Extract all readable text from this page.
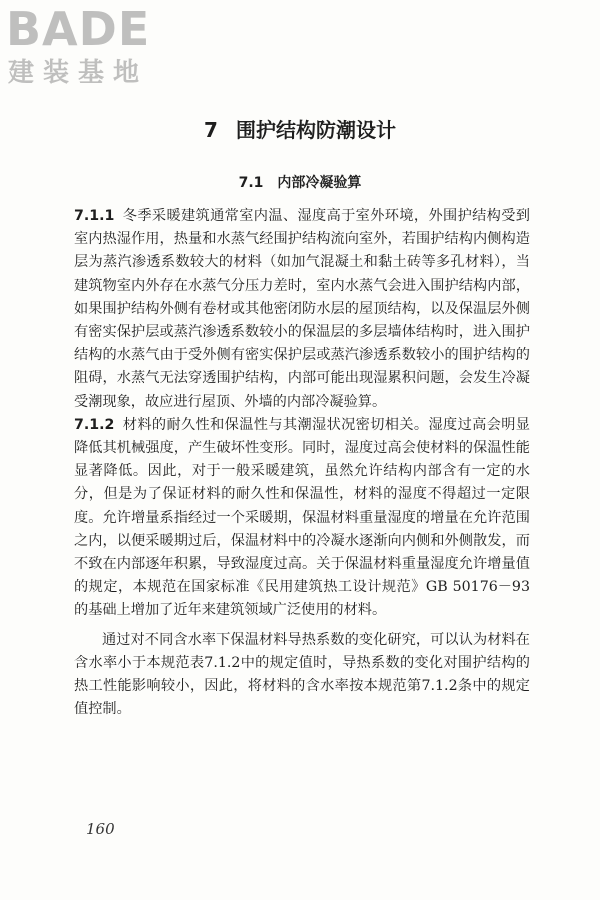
BADE
建装基地
7 围护结构防潮设计
7.1 内部冷凝验算

7.1.1 冬季采暖建筑通常室内温、湿度高于室外环境，外围护结构受到室内热湿作用，热量和水蒸气经围护结构流向室外，若围护结构内侧构造层为蒸汽渗透系数较大的材料（如加气混凝土和黏土砖等多孔材料），当建筑物室内外存在水蒸气分压力差时，室内水蒸气会进入围护结构内部，如果围护结构外侧有卷材或其他密闭防水层的屋顶结构，以及保温层外侧有密实保护层或蒸汽渗透系数较小的保温层的多层墙体结构时，进入围护结构的水蒸气由于受外侧有密实保护层或蒸汽渗透系数较小的围护结构的阻碍，水蒸气无法穿透围护结构，内部可能出现湿累积问题，会发生冷凝受潮现象，故应进行屋顶、外墙的内部冷凝验算。

7.1.2 材料的耐久性和保温性与其潮湿状况密切相关。湿度过高会明显降低其机械强度，产生破坏性变形。同时，湿度过高会使材料的保温性能显著降低。因此，对于一般采暖建筑，虽然允许结构内部含有一定的水分，但是为了保证材料的耐久性和保温性，材料的湿度不得超过一定限度。允许增量系指经过一个采暖期，保温材料重量湿度的增量在允许范围之内，以便采暖期过后，保温材料中的冷凝水逐渐向内侧和外侧散发，而不致在内部逐年积累，导致湿度过高。关于保温材料重量湿度允许增量值的规定，本规范在国家标准《民用建筑热工设计规范》GB 50176－93的基础上增加了近年来建筑领域广泛使用的材料。

通过对不同含水率下保温材料导热系数的变化研究，可以认为材料在含水率小于本规范表7.1.2中的规定值时，导热系数的变化对围护结构的热工性能影响较小，因此，将材料的含水率按本规范第7.1.2条中的规定值控制。

160
